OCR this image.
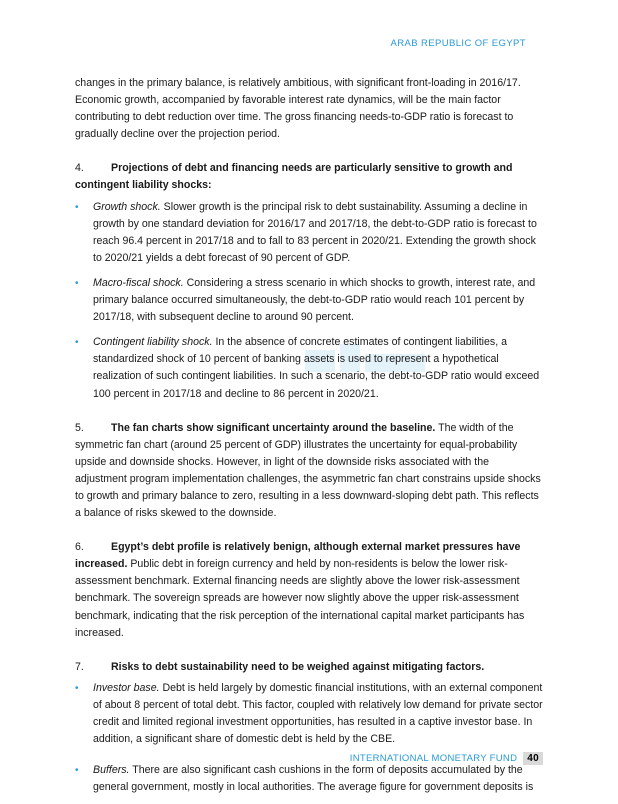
ARAB REPUBLIC OF EGYPT

changes in the primary balance, is relatively ambitious, with significant front-loading in 2016/17. Economic growth, accompanied by favorable interest rate dynamics, will be the main factor contributing to debt reduction over time. The gross financing needs-to-GDP ratio is forecast to gradually decline over the projection period.

4.	Projections of debt and financing needs are particularly sensitive to growth and contingent liability shocks:

• Growth shock. Slower growth is the principal risk to debt sustainability. Assuming a decline in growth by one standard deviation for 2016/17 and 2017/18, the debt-to-GDP ratio is forecast to reach 96.4 percent in 2017/18 and to fall to 83 percent in 2020/21. Extending the growth shock to 2020/21 yields a debt forecast of 90 percent of GDP.
• Macro-fiscal shock. Considering a stress scenario in which shocks to growth, interest rate, and primary balance occurred simultaneously, the debt-to-GDP ratio would reach 101 percent by 2017/18, with subsequent decline to around 90 percent.
• Contingent liability shock. In the absence of concrete estimates of contingent liabilities, a standardized shock of 10 percent of banking assets is used to represent a hypothetical realization of such contingent liabilities. In such a scenario, the debt-to-GDP ratio would exceed 100 percent in 2017/18 and decline to 86 percent in 2020/21.

5.	The fan charts show significant uncertainty around the baseline. The width of the symmetric fan chart (around 25 percent of GDP) illustrates the uncertainty for equal-probability upside and downside shocks. However, in light of the downside risks associated with the adjustment program implementation challenges, the asymmetric fan chart constrains upside shocks to growth and primary balance to zero, resulting in a less downward-sloping debt path. This reflects a balance of risks skewed to the downside.

6.	Egypt’s debt profile is relatively benign, although external market pressures have increased. Public debt in foreign currency and held by non-residents is below the lower risk-assessment benchmark. External financing needs are slightly above the lower risk-assessment benchmark. The sovereign spreads are however now slightly above the upper risk-assessment benchmark, indicating that the risk perception of the international capital market participants has increased.

7.	Risks to debt sustainability need to be weighed against mitigating factors.

• Investor base. Debt is held largely by domestic financial institutions, with an external component of about 8 percent of total debt. This factor, coupled with relatively low demand for private sector credit and limited regional investment opportunities, has resulted in a captive investor base. In addition, a significant share of domestic debt is held by the CBE.
• Buffers. There are also significant cash cushions in the form of deposits accumulated by the general government, mostly in local authorities. The average figure for government deposits is
INTERNATIONAL MONETARY FUND	40
